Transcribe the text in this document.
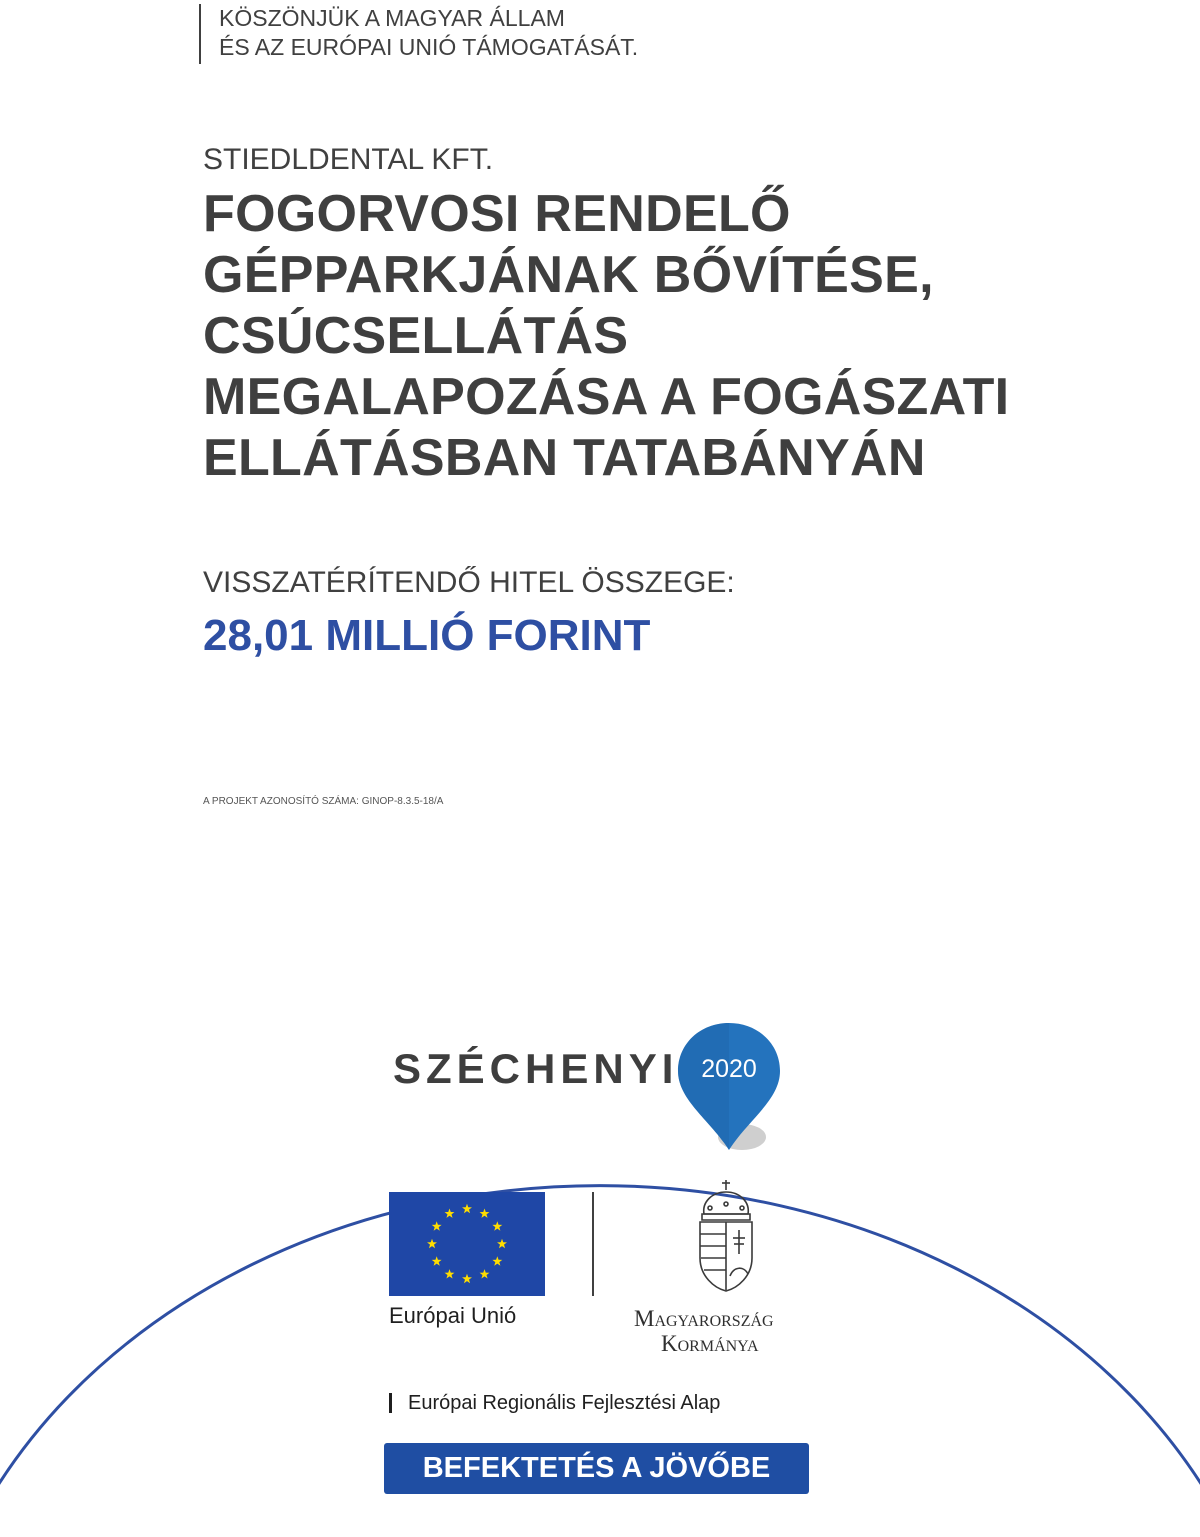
KÖSZÖNJÜK A MAGYAR ÁLLAM
ÉS AZ EURÓPAI UNIÓ TÁMOGATÁSÁT.
STIEDLDENTAL KFT.
FOGORVOSI RENDELŐ
GÉPPARKJÁNAK BŐVÍTÉSE,
CSÚCSELLÁTÁS
MEGALAPOZÁSA A FOGÁSZATI
ELLÁTÁSBAN TATABÁNYÁN
VISSZATÉRÍTENDŐ HITEL ÖSSZEGE:
28,01 MILLIÓ FORINT
A PROJEKT AZONOSÍTÓ SZÁMA: GINOP-8.3.5-18/A
SZÉCHENYI 2020
Európai Unió	Magyarország
Kormánya
Európai Regionális Fejlesztési Alap
BEFEKTETÉS A JÖVŐBE
